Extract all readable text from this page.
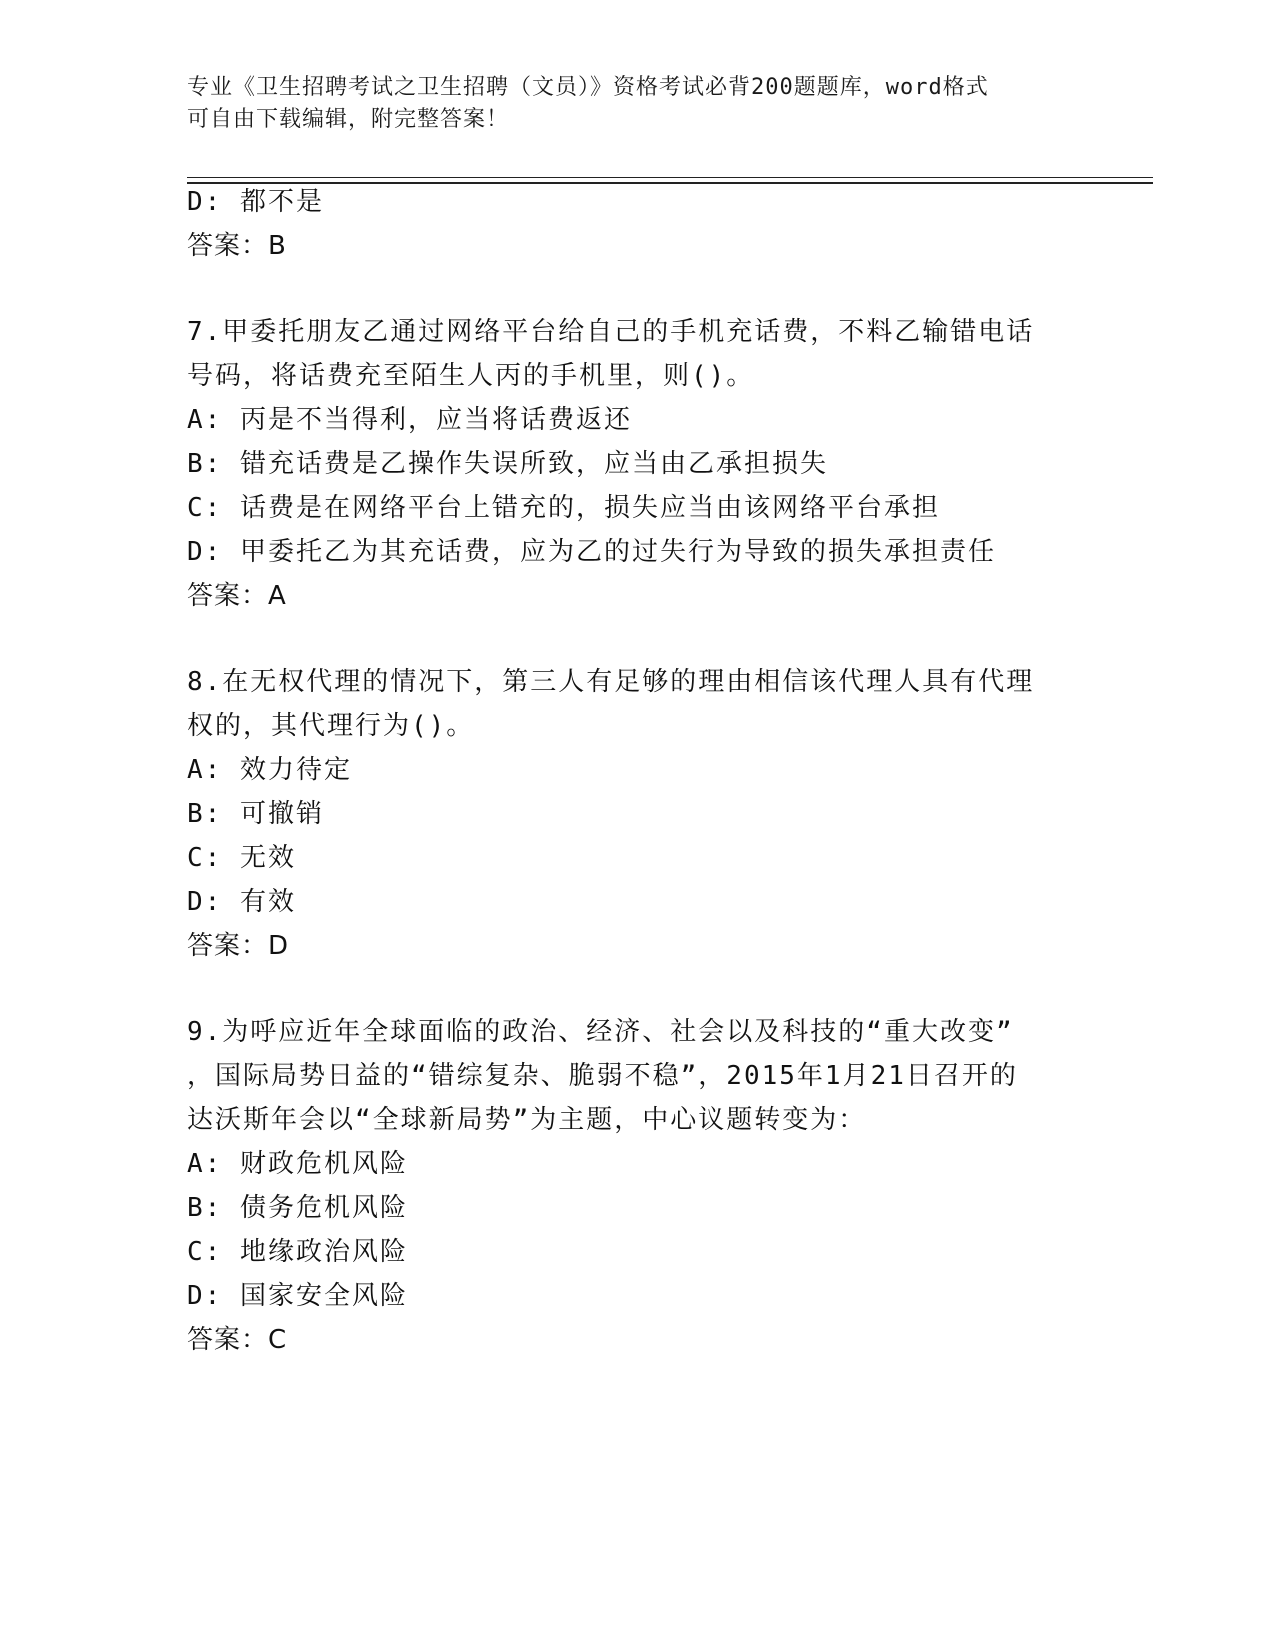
专业《卫生招聘考试之卫生招聘（文员）》资格考试必背200题题库，word格式
可自由下载编辑，附完整答案！
D: 都不是
答案：B
7.甲委托朋友乙通过网络平台给自己的手机充话费，不料乙输错电话
号码，将话费充至陌生人丙的手机里，则()。
A: 丙是不当得利，应当将话费返还
B: 错充话费是乙操作失误所致，应当由乙承担损失
C: 话费是在网络平台上错充的，损失应当由该网络平台承担
D: 甲委托乙为其充话费，应为乙的过失行为导致的损失承担责任
答案：A
8.在无权代理的情况下，第三人有足够的理由相信该代理人具有代理
权的，其代理行为()。
A: 效力待定
B: 可撤销
C: 无效
D: 有效
答案：D
9.为呼应近年全球面临的政治、经济、社会以及科技的“重大改变”
，国际局势日益的“错综复杂、脆弱不稳”，2015年1月21日召开的
达沃斯年会以“全球新局势”为主题，中心议题转变为：
A: 财政危机风险
B: 债务危机风险
C: 地缘政治风险
D: 国家安全风险
答案：C
